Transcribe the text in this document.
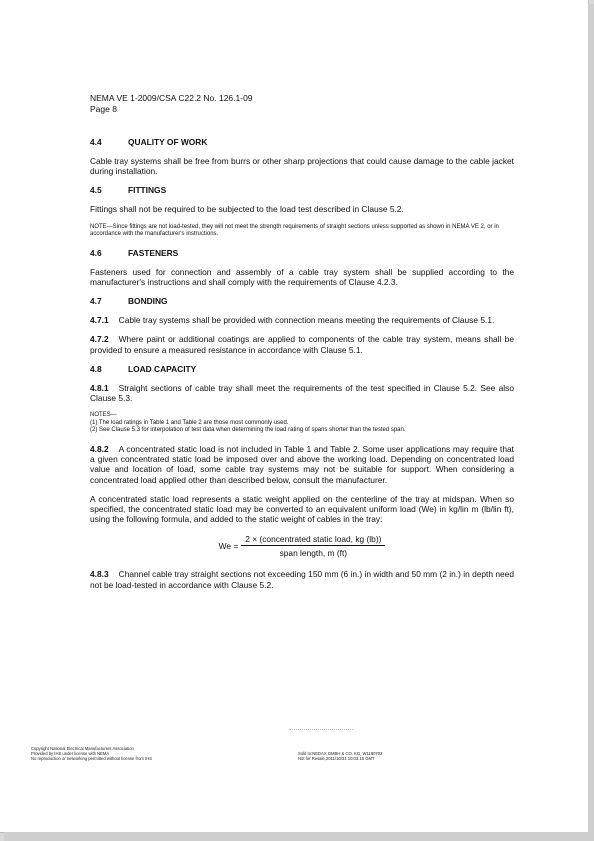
NEMA VE 1-2009/CSA C22.2 No. 126.1-09
Page 8
4.4	QUALITY OF WORK

Cable tray systems shall be free from burrs or other sharp projections that could cause damage to the cable jacket during installation.

4.5	FITTINGS

Fittings shall not be required to be subjected to the load test described in Clause 5.2.

NOTE—Since fittings are not load-tested, they will not meet the strength requirements of straight sections unless supported as shown in NEMA VE 2, or in accordance with the manufacturer's instructions.
4.6	FASTENERS

Fasteners used for connection and assembly of a cable tray system shall be supplied according to the manufacturer's instructions and shall comply with the requirements of Clause 4.2.3.

4.7	BONDING

4.7.1 Cable tray systems shall be provided with connection means meeting the requirements of Clause 5.1.

4.7.2 Where paint or additional coatings are applied to components of the cable tray system, means shall be provided to ensure a measured resistance in accordance with Clause 5.1.

4.8	LOAD CAPACITY

4.8.1 Straight sections of cable tray shall meet the requirements of the test specified in Clause 5.2. See also Clause 5.3.

NOTES—
(1) The load ratings in Table 1 and Table 2 are those most commonly used.
(2) See Clause 5.3 for interpolation of test data when determining the load rating of spans shorter than the tested span.

4.8.2 A concentrated static load is not included in Table 1 and Table 2. Some user applications may require that a given concentrated static load be imposed over and above the working load. Depending on concentrated load value and location of load, some cable tray systems may not be suitable for support. When considering a concentrated load applied other than described below, consult the manufacturer.

A concentrated static load represents a static weight applied on the centerline of the tray at midspan. When so specified, the concentrated static load may be converted to an equivalent uniform load (We) in kg/lin m (lb/lin ft), using the following formula, and added to the static weight of cables in the tray:

$We = \frac{\text{2 × (concentrated static load, kg (lb))}}{\text{span length, m (ft)}}$

4.8.3 Channel cable tray straight sections not exceeding 150 mm (6 in.) in width and 50 mm (2 in.) in depth need not be load-tested in accordance with Clause 5.2.

Copyright National Electrical Manufacturers Association
Provided by IHS under license with NEMA
No reproduction or networking permitted without license from IHS
Sold to:NEDAX GMBH & CO. KG, W1180702
Not for Resale,2011/10/31 10:03:15 GMT
